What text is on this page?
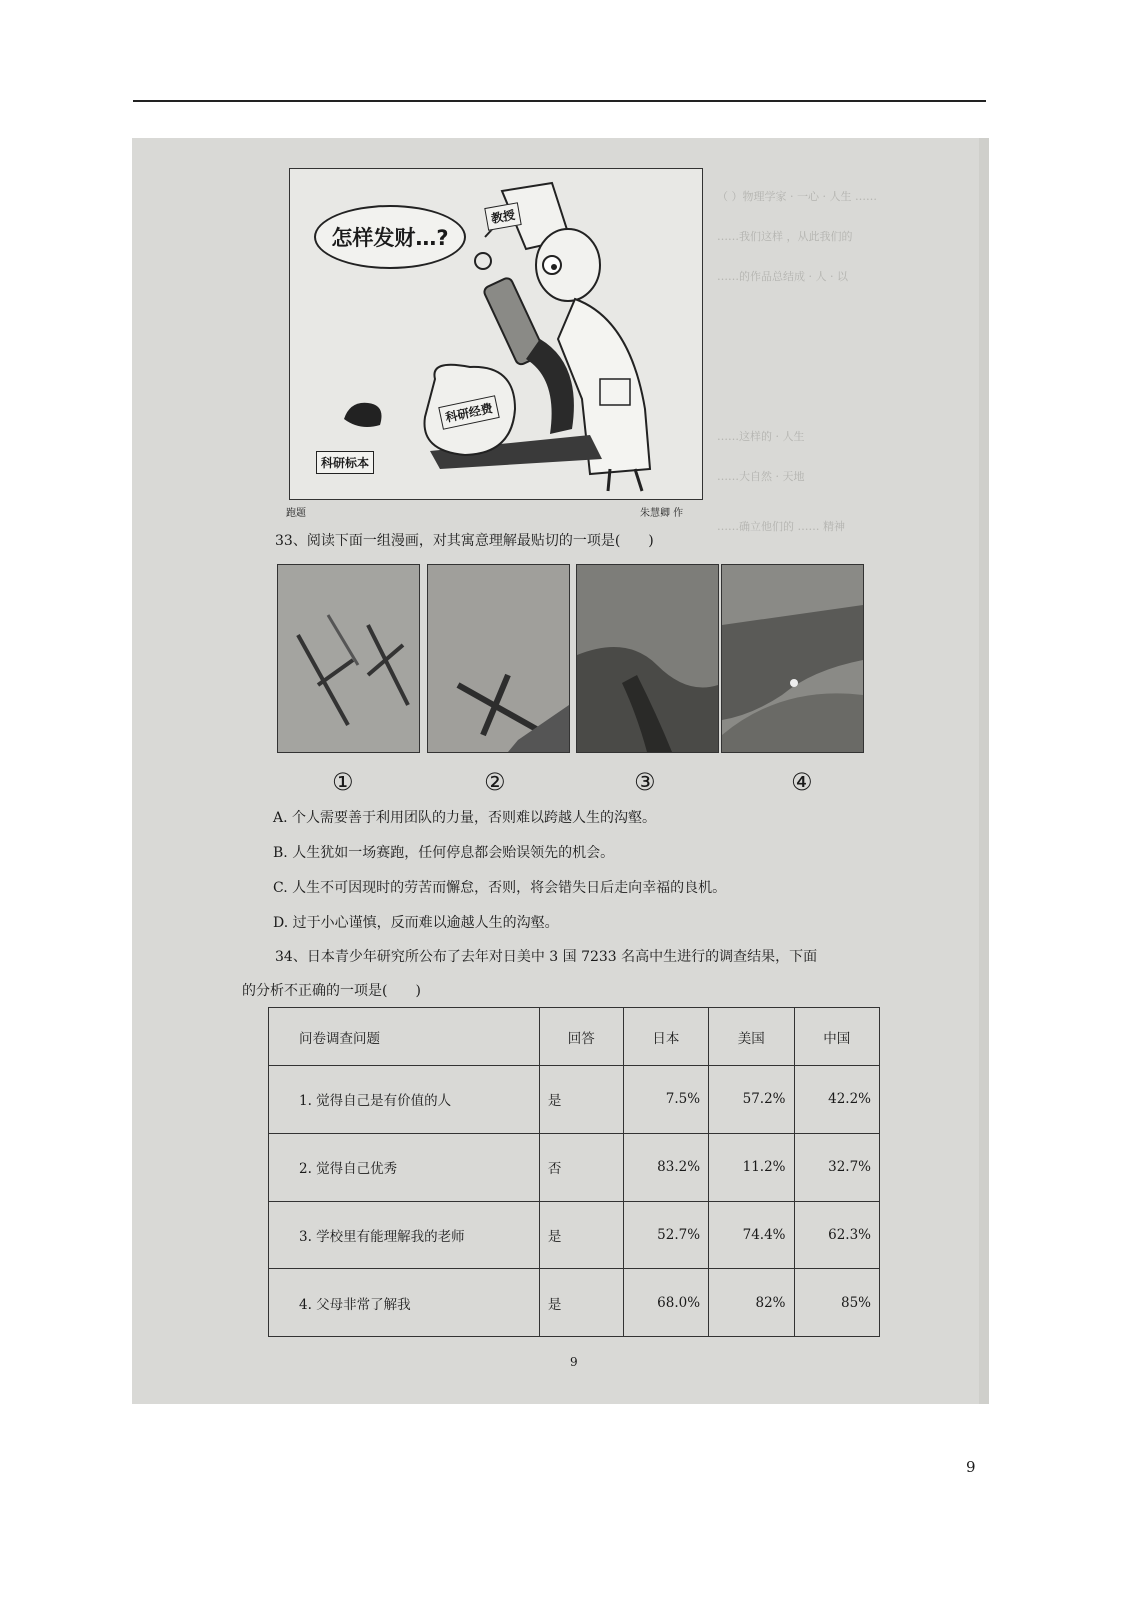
（ ）物理学家 · 一心 · 人生 ……
……我们这样 ，从此我们的
……的作品总结成 · 人 · 以
……这样的 · 人生
……大自然 · 天地
……确立他们的 …… 精神
怎样发财…?
教授
科研经费
科研标本
跑题	朱慧卿 作
33、阅读下面一组漫画，对其寓意理解最贴切的一项是(　　)
①	②	③	④
A. 个人需要善于利用团队的力量，否则难以跨越人生的沟壑。
B. 人生犹如一场赛跑，任何停息都会贻误领先的机会。
C. 人生不可因现时的劳苦而懈怠，否则，将会错失日后走向幸福的良机。
D. 过于小心谨慎，反而难以逾越人生的沟壑。
34、日本青少年研究所公布了去年对日美中 3 国 7233 名高中生进行的调查结果，下面
的分析不正确的一项是(　　)
问卷调查问题	回答	日本	美国	中国
1. 觉得自己是有价值的人	是	7.5%	57.2%	42.2%
2. 觉得自己优秀	否	83.2%	11.2%	32.7%
3. 学校里有能理解我的老师	是	52.7%	74.4%	62.3%
4. 父母非常了解我	是	68.0%	82%	85%
9
9
